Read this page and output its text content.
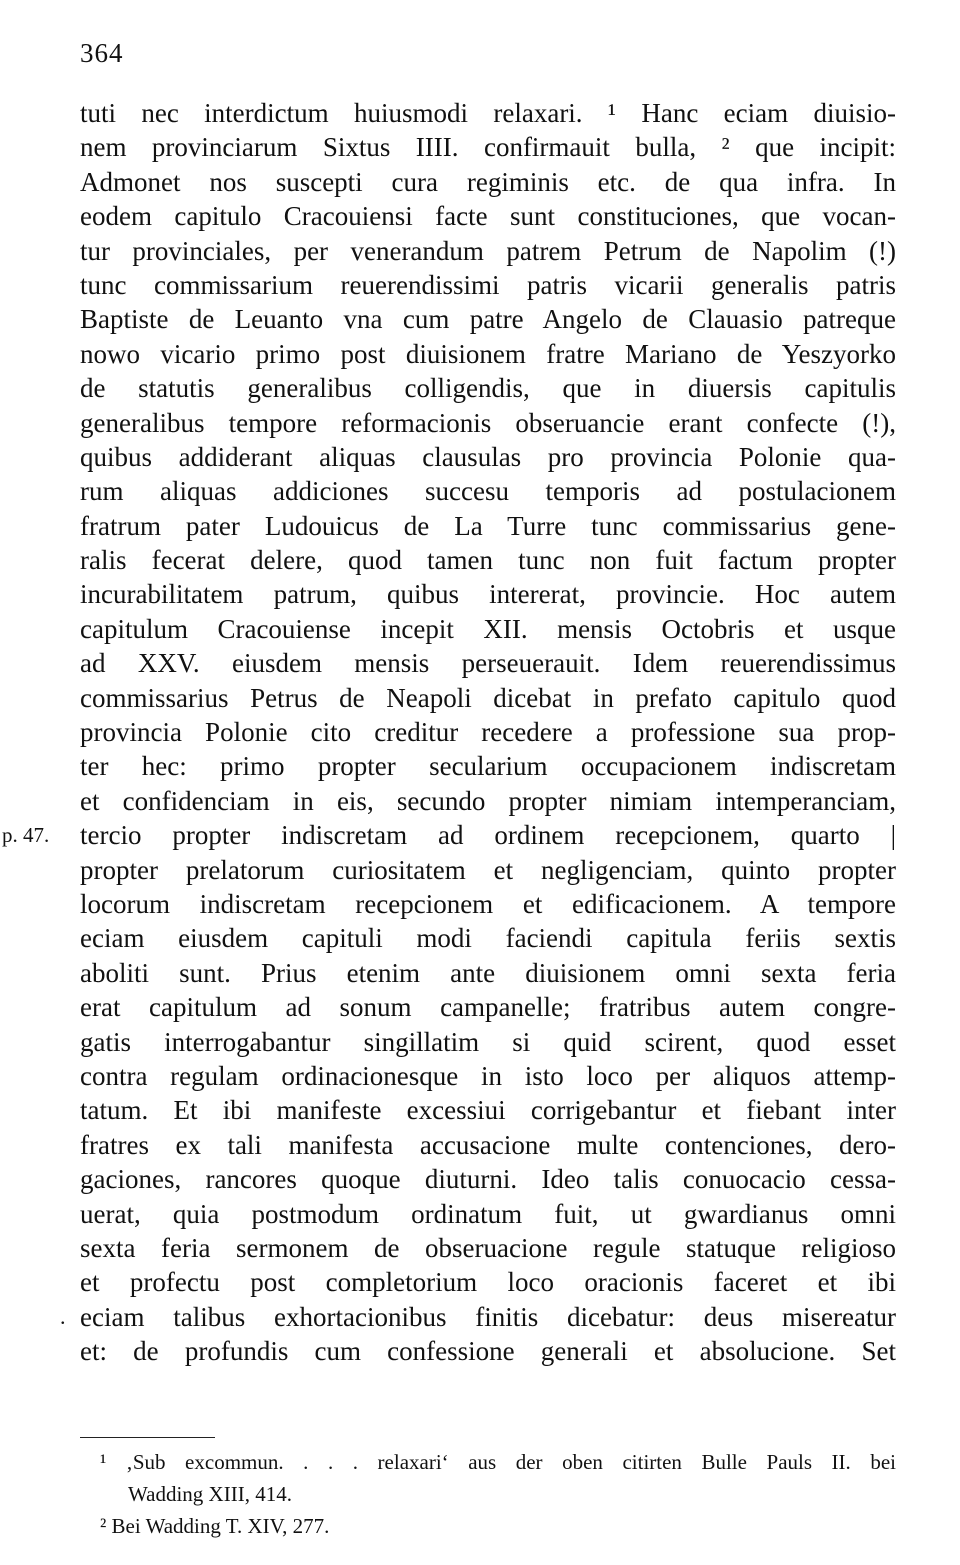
364
tuti nec interdictum huiusmodi relaxari. ¹ Hanc eciam diuisio-
nem provinciarum Sixtus IIII. confirmauit bulla, ² que incipit:
Admonet nos suscepti cura regiminis etc. de qua infra. In
eodem capitulo Cracouiensi facte sunt constituciones, que vocan-
tur provinciales, per venerandum patrem Petrum de Napolim (!)
tunc commissarium reuerendissimi patris vicarii generalis patris
Baptiste de Leuanto vna cum patre Angelo de Clauasio patreque
nowo vicario primo post diuisionem fratre Mariano de Yeszyorko
de statutis generalibus colligendis, que in diuersis capitulis
generalibus tempore reformacionis obseruancie erant confecte (!),
quibus addiderant aliquas clausulas pro provincia Polonie qua-
rum aliquas addiciones succesu temporis ad postulacionem
fratrum pater Ludouicus de La Turre tunc commissarius gene-
ralis fecerat delere, quod tamen tunc non fuit factum propter
incurabilitatem patrum, quibus intererat, provincie. Hoc autem
capitulum Cracouiense incepit XII. mensis Octobris et usque
ad XXV. eiusdem mensis perseuerauit. Idem reuerendissimus
commissarius Petrus de Neapoli dicebat in prefato capitulo quod
provincia Polonie cito creditur recedere a professione sua prop-
ter hec: primo propter secularium occupacionem indiscretam
et confidenciam in eis, secundo propter nimiam intemperanciam,
p. 47. tercio propter indiscretam ad ordinem recepcionem, quarto |
propter prelatorum curiositatem et negligenciam, quinto propter
locorum indiscretam recepcionem et edificacionem. A tempore
eciam eiusdem capituli modi faciendi capitula feriis sextis
aboliti sunt. Prius etenim ante diuisionem omni sexta feria
erat capitulum ad sonum campanelle; fratribus autem congre-
gatis interrogabantur singillatim si quid scirent, quod esset
contra regulam ordinacionesque in isto loco per aliquos attemp-
tatum. Et ibi manifeste excessiui corrigebantur et fiebant inter
fratres ex tali manifesta accusacione multe contenciones, dero-
gaciones, rancores quoque diuturni. Ideo talis conuocacio cessa-
uerat, quia postmodum ordinatum fuit, ut gwardianus omni
sexta feria sermonem de obseruacione regule statuque religioso
et profectu post completorium loco oracionis faceret et ibi
. eciam talibus exhortacionibus finitis dicebatur: deus misereatur
et: de profundis cum confessione generali et absolucione. Set
¹ ‚Sub excommun. . . . relaxari‘ aus der oben citirten Bulle Pauls II. bei
Wadding XIII, 414.
² Bei Wadding T. XIV, 277.
